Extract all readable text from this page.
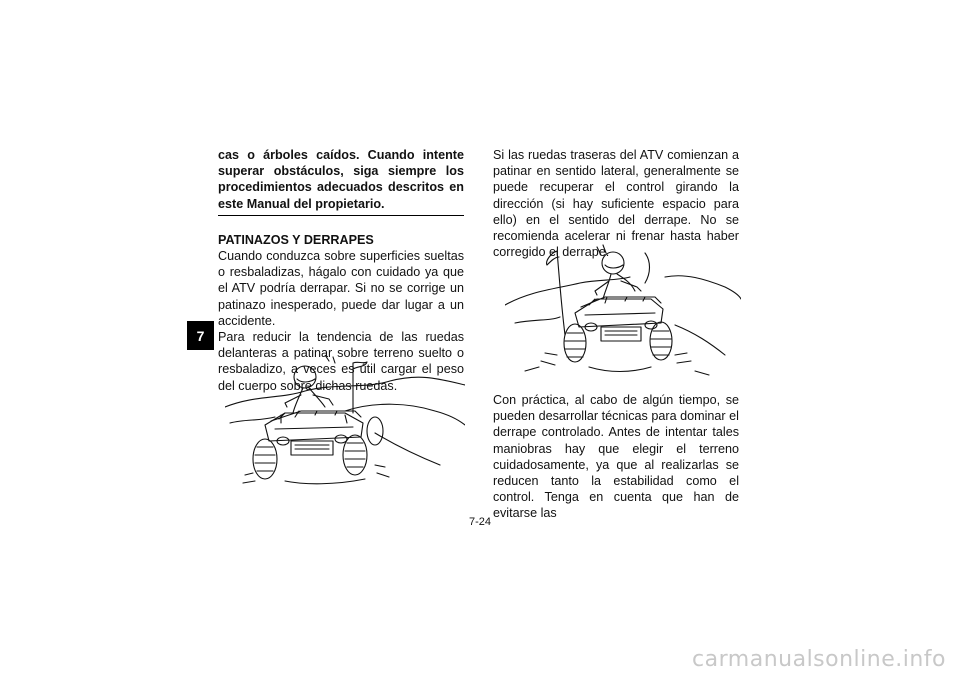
7

cas o árboles caídos. Cuando intente superar obstáculos, siga siempre los procedimientos adecuados descritos en este Manual del propietario.

PATINAZOS Y DERRAPES

Cuando conduzca sobre superficies sueltas o resbaladizas, hágalo con cuidado ya que el ATV podría derrapar. Si no se corrige un patinazo inesperado, puede dar lugar a un accidente.

Para reducir la tendencia de las ruedas delanteras a patinar sobre terreno suelto o resbaladizo, a veces es útil cargar el peso del cuerpo sobre dichas ruedas.

Si las ruedas traseras del ATV comienzan a patinar en sentido lateral, generalmente se puede recuperar el control girando la dirección (si hay suficiente espacio para ello) en el sentido del derrape. No se recomienda acelerar ni frenar hasta haber corregido el derrape.

Con práctica, al cabo de algún tiempo, se pueden desarrollar técnicas para dominar el derrape controlado. Antes de intentar tales maniobras hay que elegir el terreno cuidadosamente, ya que al realizarlas se reducen tanto la estabilidad como el control. Tenga en cuenta que han de evitarse las

7-24
carmanualsonline.info
